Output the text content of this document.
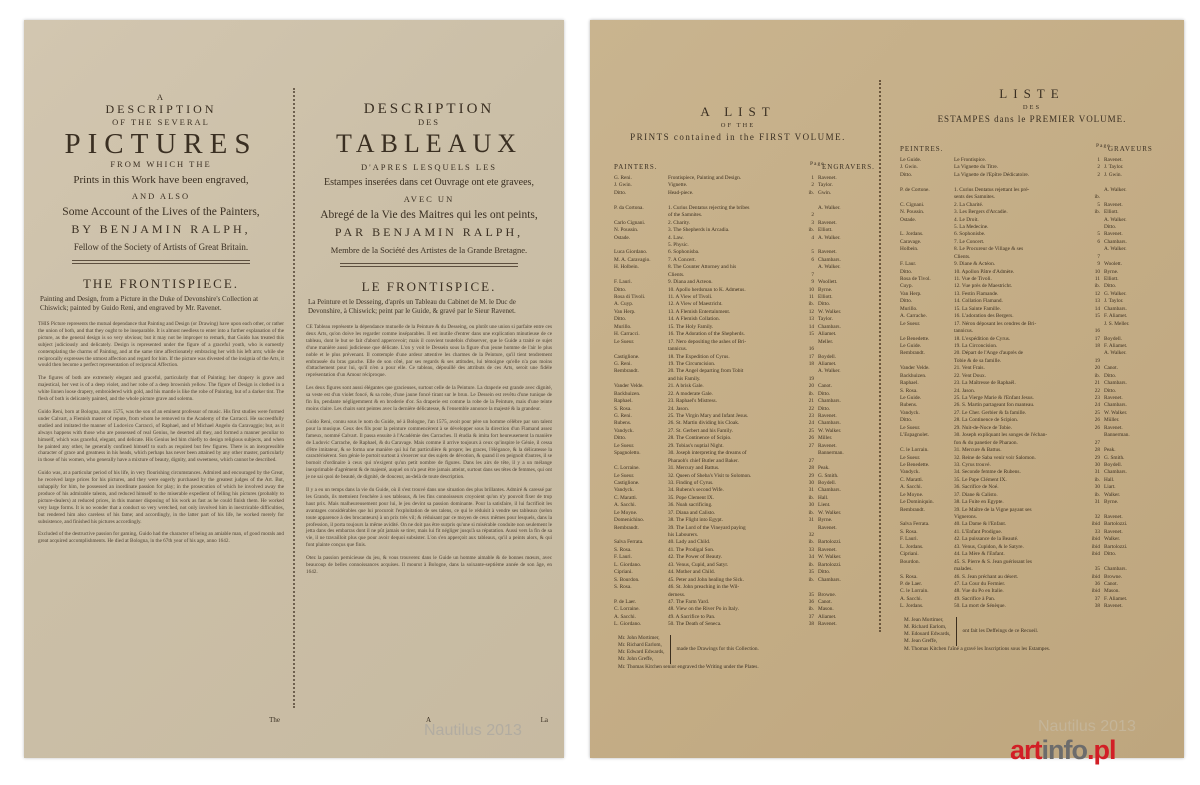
A

DESCRIPTION

OF THE SEVERAL

PICTURES

FROM WHICH THE

Prints in this Work have been engraved,

AND ALSO

Some Account of the Lives of the Painters,

BY BENJAMIN RALPH,

Fellow of the Society of Artists of Great Britain.

THE FRONTISPIECE.

Painting and Design, from a Picture in the Duke of Devonshire's Collection at Chiswick; painted by Guido Reni, and engraved by Mr. Ravenet.

THIS Picture represents the mutual dependance that Painting and Design (or Drawing) have upon each other, or rather the union of both, and that they ought to be inseparable. It is almost needless to enter into a further explanation of the picture, as the general design is so very obvious; but it may not be improper to remark, that Guido has treated this subject judiciously and delicately. Design is represented under the figure of a graceful youth, who is earnestly contemplating the charms of Painting, and at the same time affectionately embracing her with his left arm; while she reciprocally expresses the utmost affection and regard for him. If the picture was divested of the insignia of the Arts, it would then become a perfect representation of reciprocal Affection.

The figures of both are extremely elegant and graceful, particularly that of Painting; her drapery is grave and majestical, her vest is of a deep violet, and her robe of a deep brownish yellow. The figure of Design is clothed in a white linnen loose drapery, embroidered with gold, and his mantle is like the robe of Painting, but of a darker tint. The flesh of both is delicately painted, and the whole picture grave and solemn.

Guido Reni, born at Bologna, anno 1575, was the son of an eminent professor of music. His first studies were formed under Calvart, a Flemish master of repute, from whom he removed to the Academy of the Carracci. He succeedfully studied and imitated the manner of Ludovico Carracci, of Raphael, and of Michael Angelo da Caravaggio; but, as it always happens with those who are possessed of real Genius, he deserted all they, and formed a manner peculiar to himself, which was graceful, elegant, and delicate. His Genius led him chiefly to design religious subjects, and when he painted any other, he generally confined himself to such as required but few figures. There is an inexpressible character of grace and greatness in his heads, which perhaps has never been attained by any other master, particularly in those of his women, who generally have a mixture of beauty, dignity, and sweetness, which cannot be described.

Guido was, at a particular period of his life, in very flourishing circumstances. Admired and encouraged by the Great, he received large prices for his pictures, and they were eagerly purchased by the greatest judges of the Art. But, unhappily for him, he possessed an inordinate passion for play; in the prosecution of which he involved away the produce of his admirable talents, and reduced himself to the miserable expedient of felling his pictures (probably to picture-dealers) at reduced prices, in this manner disposing of his work as fast as he could finish them. He worked very large forms. It is no wonder that a conduct so very wretched, not only involved him in inextricable difficulties, but rendered him also careless of his fame; and accordingly, in the latter part of his life, he worked merely for subsistence, and finished his pictures accordingly.

Excluded of the destructive passion for gaming, Guido had the character of being an amiable man, of good morals and great acquired accomplishments. He died at Bologna, in the 67th year of his age, anno 1642.

The

DESCRIPTION

DES

TABLEAUX

D'APRES LESQUELS LES

Estampes inserées dans cet Ouvrage ont ete gravees,

AVEC UN

Abregé de la Vie des Maitres qui les ont peints,

PAR BENJAMIN RALPH,

Membre de la Société des Artistes de la Grande Bretagne.

LE FRONTISPICE.

La Peinture et le Desseing, d'après un Tableau du Cabinet de M. le Duc de Devonshire, à Chiswick; peint par le Guide, & gravé par le Sieur Ravenet.

CE Tableau représente la dépendance mutuelle de la Peinture & du Desseing, ou plutôt une union si parfaite entre ces deux Arts, qu'on doive les regarder comme inséparables. Il est inutile d'entrer dans une explication minutieuse de ce tableau, dont le but se fait d'abord appercevoir; mais il convient toutefois d'observer, que le Guide a traité ce sujet d'une manière aussi judicieuse que délicate. L'on y voit le Dessein sous la figure d'un jeune homme de l'air le plus noble et le plus prévenant. Il contemple d'une ardeur attentive les charmes de la Peinture, qu'il tient tendrement embrassée du bras gauche. Elle de son côté, par ses regards & ses attitudes, lui témoigne qu'elle n'a pas moins d'attachement pour lui, qu'il n'en a pour elle. Ce tableau, dépouillé des attributs de ces Arts, seroit une fidèle représentation d'un Amour réciproque.

Les deux figures sont aussi élégantes que gracieuses, surtout celle de la Peinture. La draperie est grande avec dignité, sa veste est d'un violet foncé, & sa robe, d'une jaune foncé tirant sur le brun. Le Dessein est revêtu d'une tunique de fin lin, pendante négligemment & en broderie d'or. Sa draperie est comme la robe de la Peinture, mais d'une teinte moins claire. Les chairs sont peintes avec la dernière délicatesse, & l'ensemble annonce la majesté & la grandeur.

Guido Reni, connu sous le nom du Guide, né à Bologne, l'an 1575, avoit pour père un homme célèbre par son talent pour la musique. Ceux des fils pour la peinture commencèrent à se développer sous la direction d'un Flamand assez fameux, nommé Calvart. Il passa ensuite à l'Académie des Carraches. Il étudia & imita fort heureusement la manière de Ludovic Carrache, de Raphael, & du Caravage. Mais comme il arrive toujours à ceux qu'inspire le Génie, il cessa d'être imitateur, & se forma une manière qui lui fut particulière & propre; les graces, l'élégance, & la délicatesse la caractérisèrent. Son génie le portoit surtout à s'exercer sur des sujets de dévotion, & quand il en peignoit d'autres, il se bornoit d'ordinaire à ceux qui n'exigent qu'un petit nombre de figures. Dans les airs de tête, il y a un mélange inexprimable d'agrément & de majesté, auquel on n'a peut être jamais atteint, surtout dans ses têtes de femmes, qui ont je ne sai quoi de beauté, de dignité, de douceur, au-delà de toute description.

Il y a eu un temps dans la vie du Guide, où il s'est trouvé dans une situation des plus brillantes. Admiré & caressé par les Grands, ils mettoient l'enchère à ses tableaux, & les fins connoisseurs croyoient qu'on n'y pouvoit fixer de trop haut prix. Mais malheureusement pour lui, le jeu devint sa passion dominante. Pour la satisfaire, il lui facrifioit les avantages considérables que lui procuroit l'exploitation de ses talens, ce qui le réduisit à vendre ses tableaux (selon toute apparence à des brocanteurs) à un prix très vil; & réduisant par ce moyen de ceux mêmes pour lesquels, dans la profession, il porta toujours la même avidité. On ne doit pas être surpris qu'une si misérable conduite non seulement le jetta dans des embarras dont il ne pût jamais se tirer, mais lui fit négliger jusqu'à sa réputation. Aussi vers la fin de sa vie, il ne travailloit plus que pour avoir dequoi subsister. L'on s'en apperçoit aux tableaux, qu'il a peints alors, & qui font plainte conçus que finis.

Otez la passion pernicieuse du jeu, & vous trouverez dans le Guide un homme aimable & de bonnes mœurs, avec beaucoup de belles connoissances acquises. Il mourut à Bologne, dans la soixante-septième année de son âge, en 1642.

A	La
Nautilus 2013

A LIST

OF THE

PRINTS contained in the FIRST VOLUME.

PAINTERS.	Page
ENGRAVERS.
G. Reni.	Frontispiece, Painting and Design.	1 Ravenet.
J. Gwin.	Vignette.	2 Taylor.
Ditto.	Head-piece.	ib. Gwin.
P. da Cortona.	1. Curius Dentatus rejecting the bribes	A. Walker.
of the Samnites.	2
Carlo Cignani.	2. Charity.	3 Ravenet.
N. Poussin.	3. The Shepherds in Arcadia.	ib. Elliott.
Ostade.	4. Law.	4 A. Walker.
5. Physic.
Luca Giordano.	6. Sophonisba.	5 Ravenet.
M. A. Caravagio.	7. A Concert.	6 Chambars.
H. Holbein.	8. The Counter Attorney and his	A. Walker.
Clients.	7
F. Lauri.	9. Diana and Acteon.	9 Woollett.
Ditto.	10. Apollo herdsman to K. Admetus.	10 Byrne.
Rosa di Tivoli.	11. A View of Tivoli.	11 Elliott.
A. Cuyp.	12. A View of Maestricht.	ib. Ditto.
Van Herp.	13. A Flemish Entertainment.	12 W. Walker.
Ditto.	14. A Flemish Collation.	13 Taylor.
Murillo.	15. The Holy Family.	14 Chambars.
H. Carracci.	16. The Adoration of the Shepherds.	15 Aliamet.
Le Sueur.	17. Nero depositing the ashes of Bri-	Meller.
tannicus.	16
Castiglione.	18. The Expedition of Cyrus.	17 Boydell.
G. Reni.	19. The Circumcision.	18 Aliamet.
Rembrandt.	20. The Angel departing from Tobit	A. Walker.
and his Family.	19
Vander Velde.	21. A brisk Gale.	20 Canot.
Backhuizen.	22. A moderate Gale.	ib. Ditto.
Raphael.	23. Raphael's Mistress.	21 Chambars.
S. Rosa.	24. Jason.	22 Ditto.
G. Reni.	25. The Virgin Mary and Infant Jesus.	23 Ravenet.
Rubens.	26. St. Martin dividing his Cloak.	24 Chambars.
Vandyck.	27. St. Gerbert and his Family.	25 W. Walker.
Ditto.	28. The Continence of Scipio.	26 Miller.
Le Sueur.	29. Tobias's nuptial Night.	27 Ravenet.
Spagnoletto.	30. Joseph interpreting the dreams of	Bannerman.
Pharaoh's chief Butler and Baker.	27
C. Lorraine.	31. Mercury and Battus.	28 Peak.
Le Sueur.	32. Queen of Sheba's Visit to Solomon.	29 G. Smith.
Castiglione.	33. Finding of Cyrus.	30 Boydell.
Vandyck.	34. Rubens's second Wife.	31 Chambars.
C. Maratti.	35. Pope Clement IX.	ib. Hall.
A. Sacchi.	36. Noah sacrificing.	30 Lient.
Le Moyne.	37. Diana and Calisto.	ib. W. Walker.
Domenichino.	38. The Flight into Egypt.	31 Byrne.
Rembrandt.	39. The Lord of the Vineyard paying	Ravenet.
his Labourers.	32
Salva Ferrata.	40. Lady and Child.	ib. Bartolozzi.
S. Rosa.	41. The Prodigal Son.	33 Ravenet.
F. Lauri.	42. The Power of Beauty.	34 W. Walker.
L. Giordano.	43. Venus, Cupid, and Satyr.	ib. Bartolozzi.
Cipriani.	44. Mother and Child.	35 Ditto.
S. Bourdon.	45. Peter and John healing the Sick.	ib. Chambars.
S. Rosa.	46. St. John preaching in the Wil-
derness.	35 Browne.
P. de Laer.	47. The Farm Yard.	36 Canot.
C. Lorraine.	48. View on the River Po in Italy.	ib. Mason.
A. Sacchi.	49. A Sacrifice to Pan.	37 Aliamet.
L. Giordano.	50. The Death of Seneca.	38 Ravenet.
Mr. John Mortimer,
Mr. Richard Earlom,
Mr. Edward Edwards,
Mr. John Greffe,
made the Drawings for this Collection.
Mr. Thomas Kitchen senior engraved the Writing under the Plates.

LISTE

DES

ESTAMPES dans le PREMIER VOLUME.

PEINTRES.	Page
GRAVEURS
Le Guide.	Le Frontispice.	1 Ravenet.
J. Gwin.	La Vignette du Titre.	2 J. Taylor.
Ditto.	La Vignette de l'Epître Dédicatoire.	2 J. Gwin.
P. de Cortone.	1. Curius Dentatus rejettant les pré-	A. Walker.
sents des Samnites.	ib.
C. Cignani.	2. La Charité.	5 Ravenet.
N. Poussin.	3. Les Bergers d'Arcadie.	ib. Elliott.
Ostade.	4. Le Droit.	A. Walker.
5. La Medecine.	Ditto.
L. Jordans.	6. Sophonisbe.	5 Ravenet.
Caravage.	7. Le Concert.	6 Chambars.
Holbein.	8. Le Procureur de Village & ses	A. Walker.
Clients.	7
F. Laur.	9. Diane & Actéon.	9 Woolett.
Ditto.	10. Apollon Pâtre d'Admète.	10 Byrne.
Rosa de Tivol.	11. Vue de Tivoli.	11 Elliott.
Cuyp.	12. Vue près de Maestricht.	ib. Ditto.
Van Herp.	13. Festin Flamande.	12 G. Walker.
Ditto.	14. Collation Flamand.	13 J. Taylor.
Murillo.	15. La Sainte Famille.	14 Chambars.
A. Carrache.	16. L'adoration des Bergers.	15 F. Aliamet.
Le Sueur.	17. Néron déposant les cendres de Bri-	J. S. Meller.
tannicus.	16
Le Benedette.	18. L'expédition de Cyrus.	17 Boydell.
Le Guide.	19. La Circoncision.	18 F. Aliamet.
Rembrandt.	20. Départ de l'Ange d'auprès de	A. Walker.
Tobie & de sa famille.	19
Vander Velde.	21. Vent Frais.	20 Canot.
Backhuizen.	22. Vent Doux.	ib. Ditto.
Raphael.	23. La Maîtresse de Raphaël.	21 Chambars.
S. Rosa.	24. Jason.	22 Ditto.
Le Guide.	25. La Vierge Marie & l'Enfant Jesus.	23 Ravenet.
Rubens.	26. S. Martin partageant fon manteau.	24 Chambars.
Vandyck.	27. Le Cher. Gerbier & fa famille.	25 W. Walker.
Ditto.	28. La Continence de Scipion.	26 Müller.
Le Sueur.	29. Nuit-de-Noce de Tobie.	26 Ravenet.
L'Espagnolet.	30. Joseph expliquant les songes de l'échan-	Bannerman.
fon & du panetier de Pharaon.	27
C. le Lorrain.	31. Mercure & Battus.	28 Peak.
Le Sueur.	32. Reine de Saba venir voir Salomon.	29 G. Smith.
Le Benedette.	33. Cyrus trouvé.	30 Boydell.
Vandyck.	34. Seconde femme de Rubens.	31 Chambars.
C. Maratti.	35. Le Pape Clément IX.	ib. Hall.
A. Sacchi.	36. Sacrifice de Noé.	30 Liart.
Le Moyne.	37. Diane & Calisto.	ib. Walker.
Le Dominiquin.	38. La Fuite en Egypte.	31 Byrne.
Rembrandt.	39. Le Maître de la Vigne payant ses
Vignerons.	32 Ravenet.
Salva Ferrata.	40. La Dame & l'Enfant.	ibid Bartolozzi.
S. Rosa.	41. L'Enfant Prodigue.	33 Ravenet.
F. Lauri.	42. La puissance de la Beauté.	ibid Walker.
L. Jordans.	43. Venus, Cupidon, & le Satyre.	ibid Bartolozzi.
Cipriani.	44. La Mère & l'Enfant.	ibid Ditto.
Bourdon.	45. S. Pierre & S. Jean guérissant les
malades.	35 Chambars.
S. Rosa.	46. S. Jean préchant au désert.	ibid Browne.
P. de Laer.	47. La Cour du Fermier.	36 Canot.
C. le Lorrain.	48. Vue du Po en Italie.	ibid Mason.
A. Sacchi.	49. Sacrifice à Pan.	37 F. Aliamet.
L. Jordans.	50. La mort de Sénèque.	38 Ravenet.
M. Jean Mortimer,
M. Richard Earlom,
M. Edouard Edwards,
M. Jean Greffe,
ont fait les Deffeings de ce Recueil.
M. Thomas Kitchen l'aîné a gravé les Inscriptions sous les Estampes.
Nautilus 2013
artinfo.pl
